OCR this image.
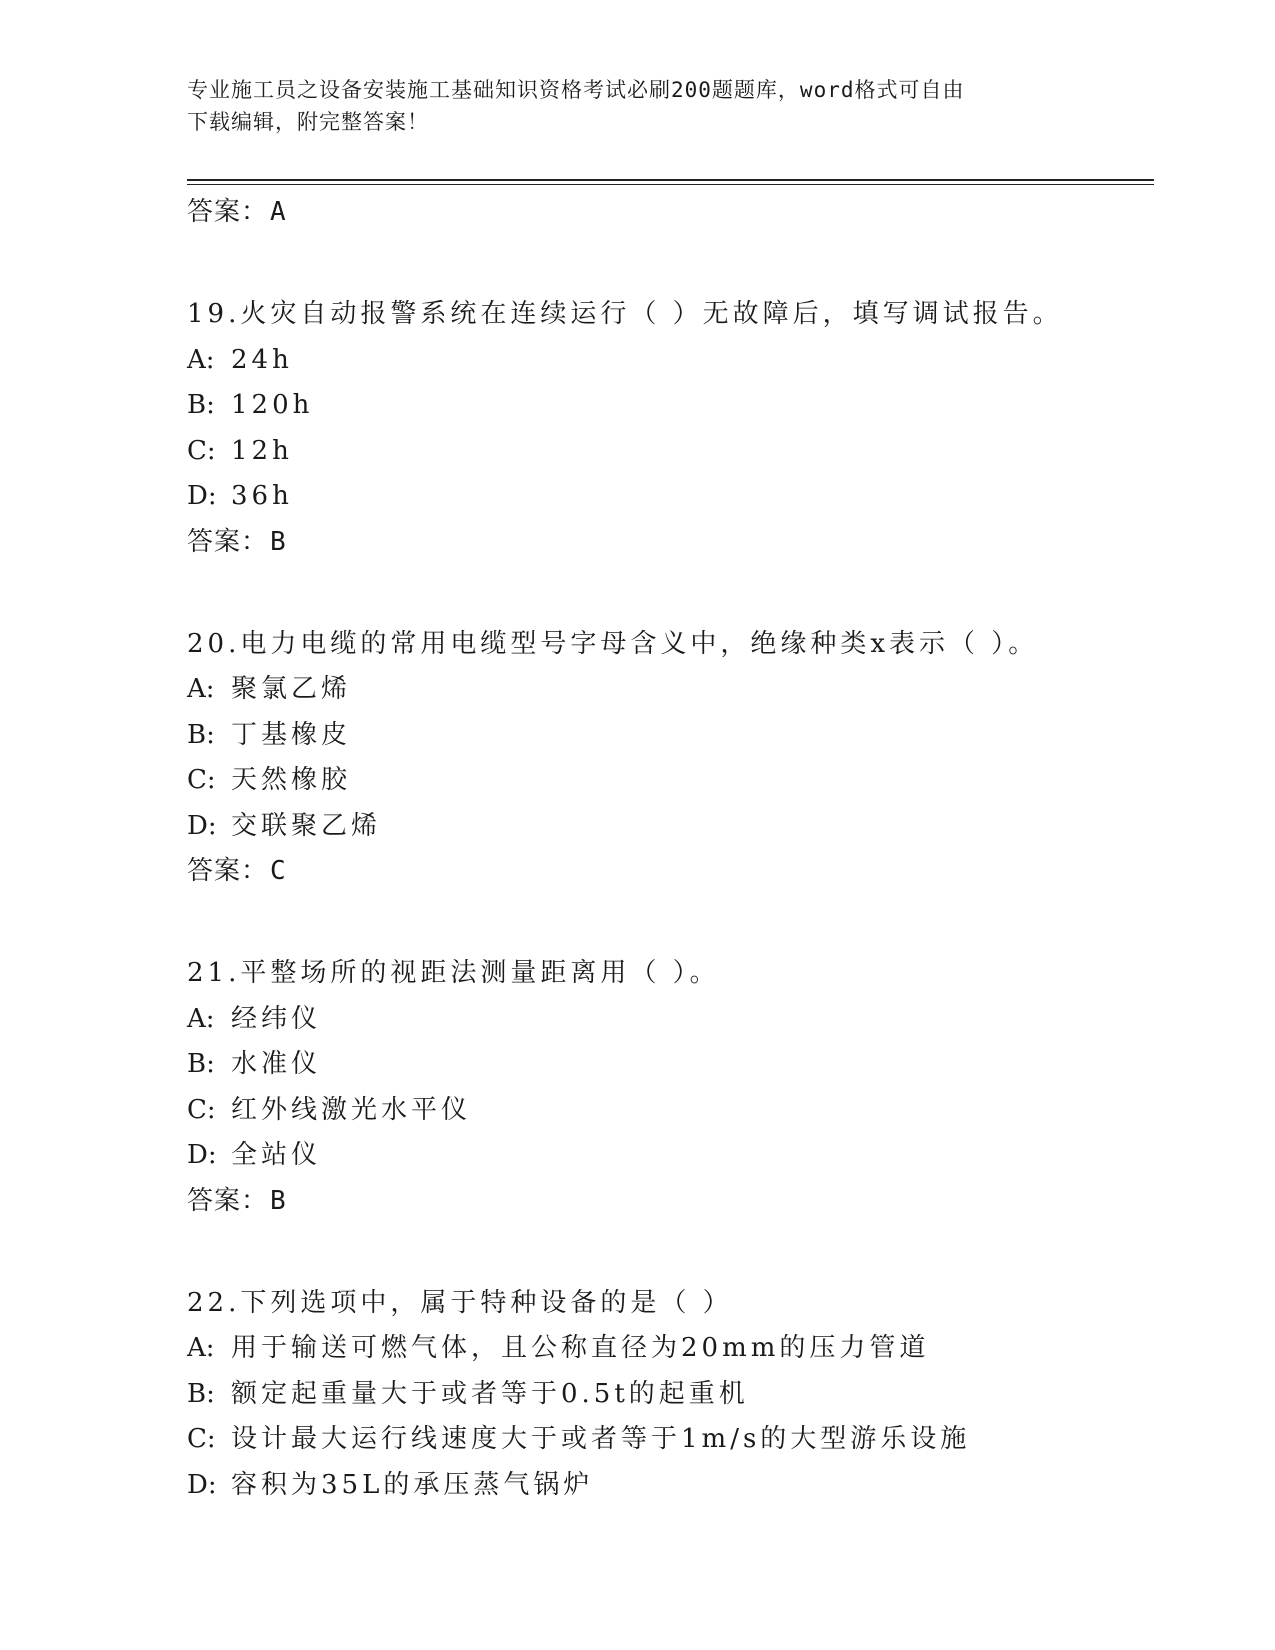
专业施工员之设备安装施工基础知识资格考试必刷200题题库，word格式可自由
下载编辑，附完整答案！
答案：A
19.火灾自动报警系统在连续运行（ ）无故障后，填写调试报告。
A: 24h
B: 120h
C: 12h
D: 36h
答案：B
20.电力电缆的常用电缆型号字母含义中，绝缘种类x表示（ ）。
A: 聚氯乙烯
B: 丁基橡皮
C: 天然橡胶
D: 交联聚乙烯
答案：C
21.平整场所的视距法测量距离用（ ）。
A: 经纬仪
B: 水准仪
C: 红外线激光水平仪
D: 全站仪
答案：B
22.下列选项中，属于特种设备的是（ ）
A: 用于输送可燃气体，且公称直径为20mm的压力管道
B: 额定起重量大于或者等于0.5t的起重机
C: 设计最大运行线速度大于或者等于1m/s的大型游乐设施
D: 容积为35L的承压蒸气锅炉
